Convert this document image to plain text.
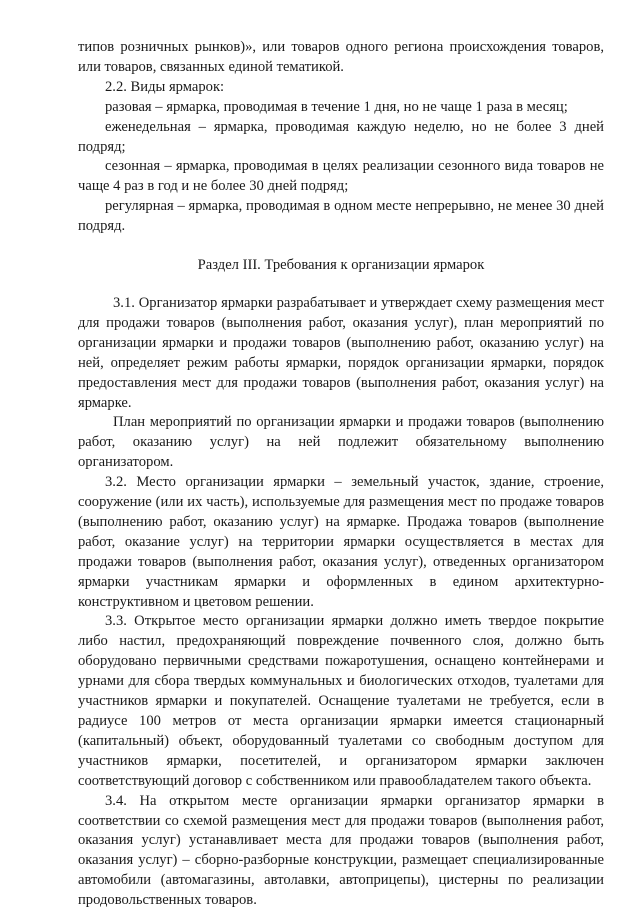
типов розничных рынков)», или товаров одного региона происхождения товаров, или товаров, связанных единой тематикой.

2.2. Виды ярмарок:

разовая – ярмарка, проводимая в течение 1 дня, но не чаще 1 раза в месяц;

еженедельная – ярмарка, проводимая каждую неделю, но не более 3 дней подряд;

сезонная – ярмарка, проводимая в целях реализации сезонного вида товаров не чаще 4 раз в год и не более 30 дней подряд;

регулярная – ярмарка, проводимая в одном месте непрерывно, не менее 30 дней подряд.

Раздел III. Требования к организации ярмарок

3.1. Организатор ярмарки разрабатывает и утверждает схему размещения мест для продажи товаров (выполнения работ, оказания услуг), план мероприятий по организации ярмарки и продажи товаров (выполнению работ, оказанию услуг) на ней, определяет режим работы ярмарки, порядок организации ярмарки, порядок предоставления мест для продажи товаров (выполнения работ, оказания услуг) на ярмарке.

План мероприятий по организации ярмарки и продажи товаров (выполнению работ, оказанию услуг) на ней подлежит обязательному выполнению организатором.

3.2. Место организации ярмарки – земельный участок, здание, строение, сооружение (или их часть), используемые для размещения мест по продаже товаров (выполнению работ, оказанию услуг) на ярмарке. Продажа товаров (выполнение работ, оказание услуг) на территории ярмарки осуществляется в местах для продажи товаров (выполнения работ, оказания услуг), отведенных организатором ярмарки участникам ярмарки и оформленных в едином архитектурно-конструктивном и цветовом решении.

3.3. Открытое место организации ярмарки должно иметь твердое покрытие либо настил, предохраняющий повреждение почвенного слоя, должно быть оборудовано первичными средствами пожаротушения, оснащено контейнерами и урнами для сбора твердых коммунальных и биологических отходов, туалетами для участников ярмарки и покупателей. Оснащение туалетами не требуется, если в радиусе 100 метров от места организации ярмарки имеется стационарный (капитальный) объект, оборудованный туалетами со свободным доступом для участников ярмарки, посетителей, и организатором ярмарки заключен соответствующий договор с собственником или правообладателем такого объекта.

3.4. На открытом месте организации ярмарки организатор ярмарки в соответствии со схемой размещения мест для продажи товаров (выполнения работ, оказания услуг) устанавливает места для продажи товаров (выполнения работ, оказания услуг) – сборно-разборные конструкции, размещает специализированные автомобили (автомагазины, автолавки, автоприцепы), цистерны по реализации продовольственных товаров.
